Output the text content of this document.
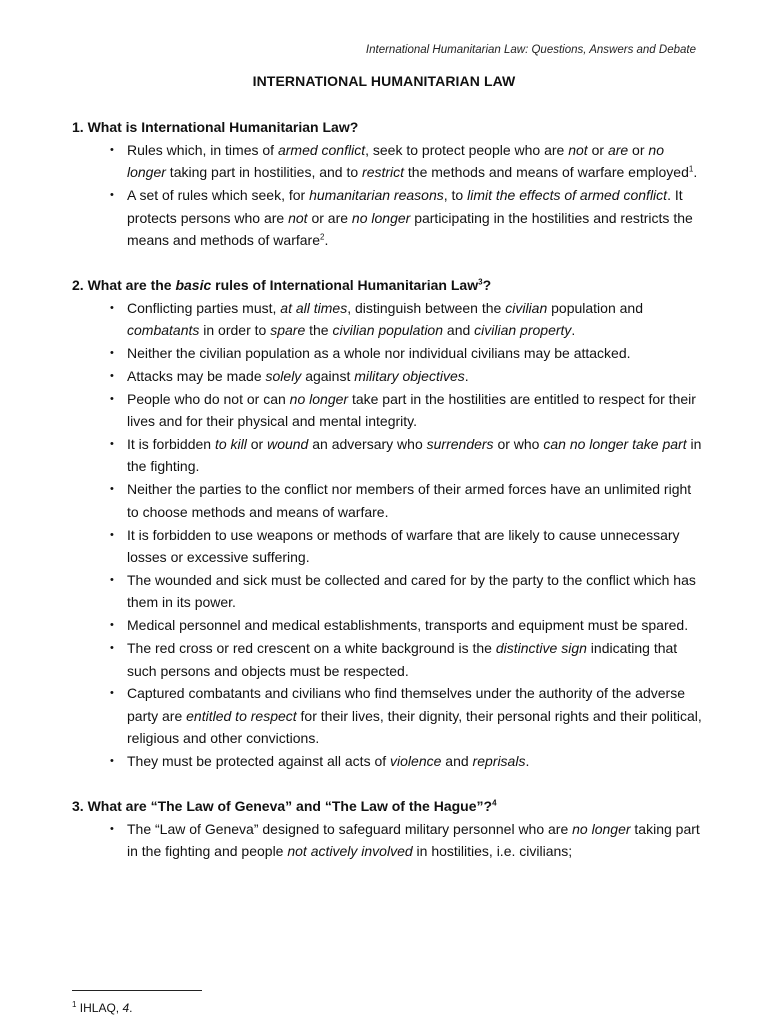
International Humanitarian Law: Questions, Answers and Debate
INTERNATIONAL HUMANITARIAN LAW
1. What is International Humanitarian Law?
• Rules which, in times of armed conflict, seek to protect people who are not or are or no longer taking part in hostilities, and to restrict the methods and means of warfare employed$^1$.
• A set of rules which seek, for humanitarian reasons, to limit the effects of armed conflict. It protects persons who are not or are no longer participating in the hostilities and restricts the means and methods of warfare$^2$.
2. What are the basic rules of International Humanitarian Law$^3$?
• Conflicting parties must, at all times, distinguish between the civilian population and combatants in order to spare the civilian population and civilian property.
• Neither the civilian population as a whole nor individual civilians may be attacked.
• Attacks may be made solely against military objectives.
• People who do not or can no longer take part in the hostilities are entitled to respect for their lives and for their physical and mental integrity.
• It is forbidden to kill or wound an adversary who surrenders or who can no longer take part in the fighting.
• Neither the parties to the conflict nor members of their armed forces have an unlimited right to choose methods and means of warfare.
• It is forbidden to use weapons or methods of warfare that are likely to cause unnecessary losses or excessive suffering.
• The wounded and sick must be collected and cared for by the party to the conflict which has them in its power.
• Medical personnel and medical establishments, transports and equipment must be spared.
• The red cross or red crescent on a white background is the distinctive sign indicating that such persons and objects must be respected.
• Captured combatants and civilians who find themselves under the authority of the adverse party are entitled to respect for their lives, their dignity, their personal rights and their political, religious and other convictions.
• They must be protected against all acts of violence and reprisals.
3. What are “The Law of Geneva” and “The Law of the Hague”?$^4$
• The “Law of Geneva” designed to safeguard military personnel who are no longer taking part in the fighting and people not actively involved in hostilities, i.e. civilians;
$^1$ IHLAQ, 4.
